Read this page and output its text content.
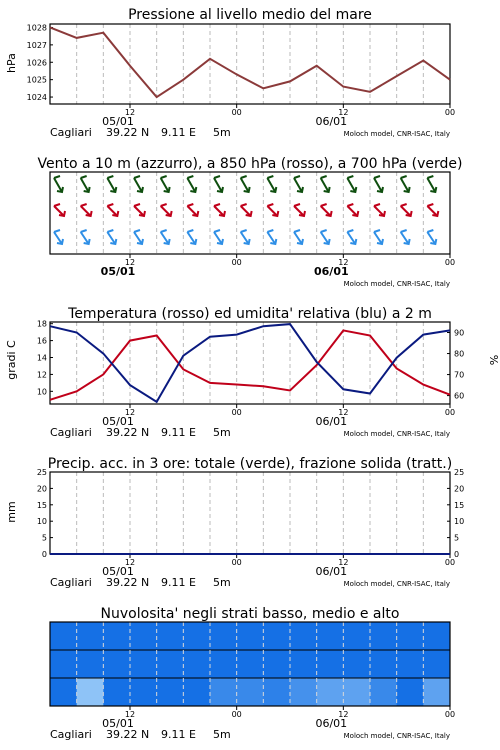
Pressione al livello medio del mare
Vento a 10 m (azzurro), a 850 hPa (rosso), a 700 hPa (verde)
Temperatura (rosso) ed umidita' relativa (blu) a 2 m
Precip. acc. in 3 ore: totale (verde), frazione solida (tratt.)
Nuvolosita' negli strati basso, medio e alto
hPa
gradi C	%
mm
12	00	12	00
05/01	06/01
1024
1025
1026
1027
1028
Cagliari 39.22 N 9.11 E 5m	Moloch model, CNR-ISAC, Italy
12	00	12	00
05/01	06/01
Moloch model, CNR-ISAC, Italy
12	00	12	00
05/01	06/01
10
12
14
16
18
60
70
80
90
Cagliari 39.22 N 9.11 E 5m	Moloch model, CNR-ISAC, Italy
12	00	12	00
05/01	06/01
0
5
10
15
20
25
0
5
10
15
20
25
Cagliari 39.22 N 9.11 E 5m	Moloch model, CNR-ISAC, Italy
12	00	12	00
05/01	06/01
Cagliari 39.22 N 9.11 E 5m	Moloch model, CNR-ISAC, Italy
